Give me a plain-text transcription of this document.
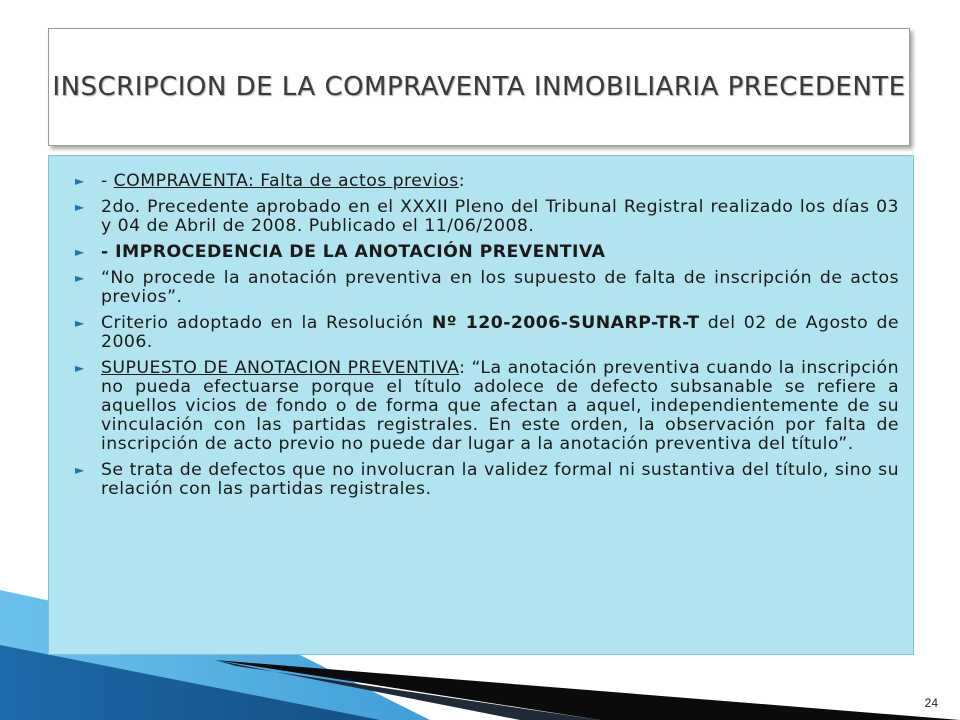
INSCRIPCION DE LA COMPRAVENTA INMOBILIARIA PRECEDENTE
► - COMPRAVENTA: Falta de actos previos:
► 2do. Precedente aprobado en el XXXII Pleno del Tribunal Registral realizado los días 03 y 04 de Abril de 2008. Publicado el 11/06/2008.
► - IMPROCEDENCIA DE LA ANOTACIÓN PREVENTIVA
► “No procede la anotación preventiva en los supuesto de falta de inscripción de actos previos”.
► Criterio adoptado en la Resolución Nº 120-2006-SUNARP-TR-T del 02 de Agosto de 2006.
► SUPUESTO DE ANOTACION PREVENTIVA: “La anotación preventiva cuando la inscripción no pueda efectuarse porque el título adolece de defecto subsanable se refiere a aquellos vicios de fondo o de forma que afectan a aquel, independientemente de su vinculación con las partidas registrales. En este orden, la observación por falta de inscripción de acto previo no puede dar lugar a la anotación preventiva del título”.
► Se trata de defectos que no involucran la validez formal ni sustantiva del título, sino su relación con las partidas registrales.
24
